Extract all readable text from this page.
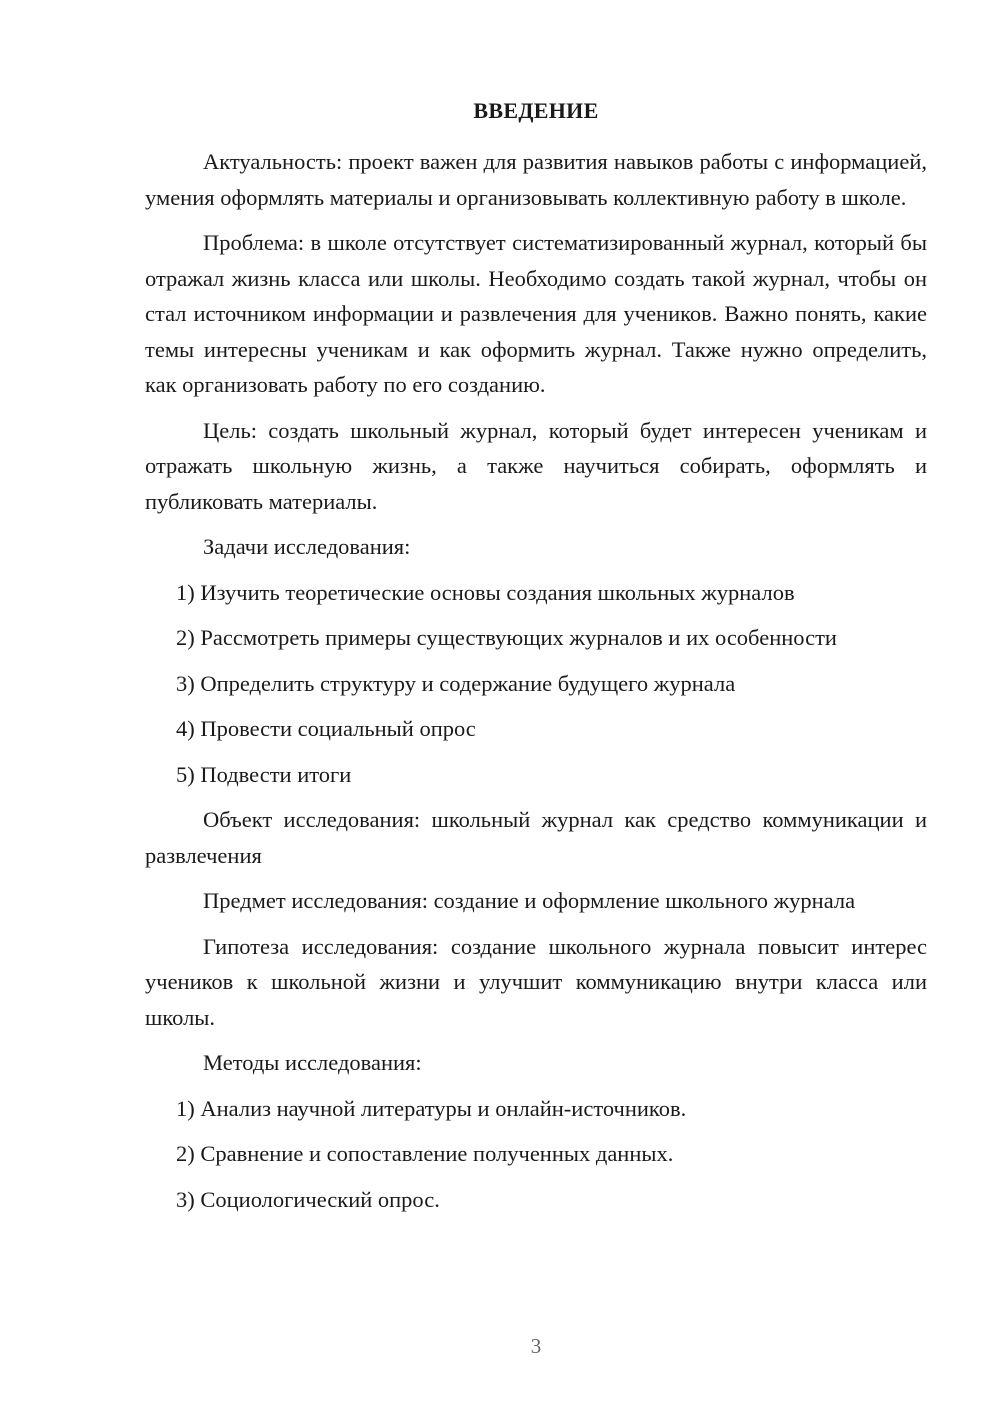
ВВЕДЕНИЕ

Актуальность: проект важен для развития навыков работы с информацией, умения оформлять материалы и организовывать коллективную работу в школе.

Проблема: в школе отсутствует систематизированный журнал, который бы отражал жизнь класса или школы. Необходимо создать такой журнал, чтобы он стал источником информации и развлечения для учеников. Важно понять, какие темы интересны ученикам и как оформить журнал. Также нужно определить, как организовать работу по его созданию.

Цель: создать школьный журнал, который будет интересен ученикам и отражать школьную жизнь, а также научиться собирать, оформлять и публиковать материалы.

Задачи исследования:

1) Изучить теоретические основы создания школьных журналов
2) Рассмотреть примеры существующих журналов и их особенности
3) Определить структуру и содержание будущего журнала
4) Провести социальный опрос
5) Подвести итоги

Объект исследования: школьный журнал как средство коммуникации и развлечения

Предмет исследования: создание и оформление школьного журнала

Гипотеза исследования: создание школьного журнала повысит интерес учеников к школьной жизни и улучшит коммуникацию внутри класса или школы.

Методы исследования:

1) Анализ научной литературы и онлайн-источников.
2) Сравнение и сопоставление полученных данных.
3) Социологический опрос.
3
